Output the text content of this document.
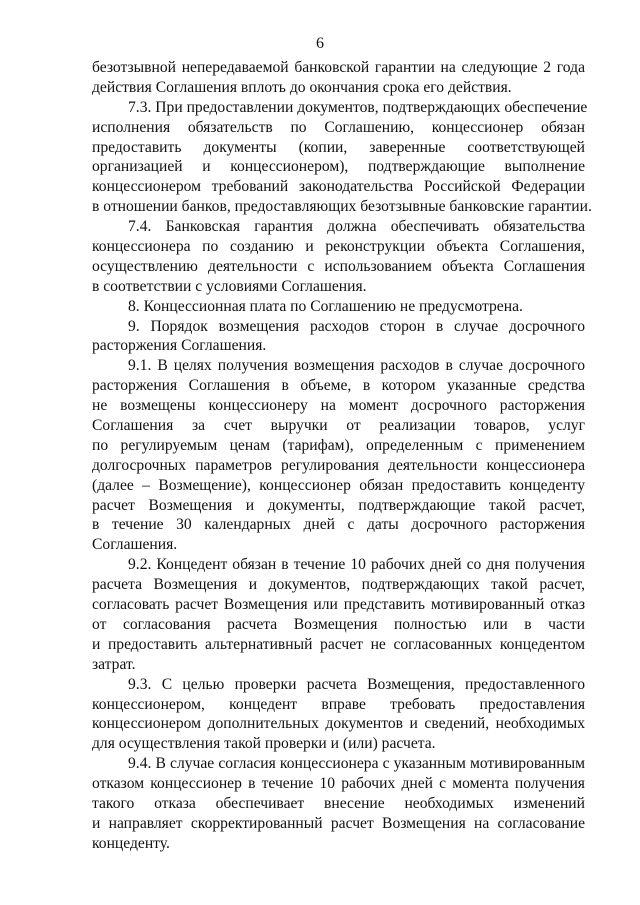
6
безотзывной непередаваемой банковской гарантии на следующие 2 года
действия Соглашения вплоть до окончания срока его действия.
7.3. При предоставлении документов, подтверждающих обеспечение
исполнения обязательств по Соглашению, концессионер обязан
предоставить документы (копии, заверенные соответствующей
организацией и концессионером), подтверждающие выполнение
концессионером требований законодательства Российской Федерации
в отношении банков, предоставляющих безотзывные банковские гарантии.
7.4. Банковская гарантия должна обеспечивать обязательства
концессионера по созданию и реконструкции объекта Соглашения,
осуществлению деятельности с использованием объекта Соглашения
в соответствии с условиями Соглашения.
8. Концессионная плата по Соглашению не предусмотрена.
9. Порядок возмещения расходов сторон в случае досрочного
расторжения Соглашения.
9.1. В целях получения возмещения расходов в случае досрочного
расторжения Соглашения в объеме, в котором указанные средства
не возмещены концессионеру на момент досрочного расторжения
Соглашения за счет выручки от реализации товаров, услуг
по регулируемым ценам (тарифам), определенным с применением
долгосрочных параметров регулирования деятельности концессионера
(далее – Возмещение), концессионер обязан предоставить концеденту
расчет Возмещения и документы, подтверждающие такой расчет,
в течение 30 календарных дней с даты досрочного расторжения
Соглашения.
9.2. Концедент обязан в течение 10 рабочих дней со дня получения
расчета Возмещения и документов, подтверждающих такой расчет,
согласовать расчет Возмещения или представить мотивированный отказ
от согласования расчета Возмещения полностью или в части
и предоставить альтернативный расчет не согласованных концедентом
затрат.
9.3. С целью проверки расчета Возмещения, предоставленного
концессионером, концедент вправе требовать предоставления
концессионером дополнительных документов и сведений, необходимых
для осуществления такой проверки и (или) расчета.
9.4. В случае согласия концессионера с указанным мотивированным
отказом концессионер в течение 10 рабочих дней с момента получения
такого отказа обеспечивает внесение необходимых изменений
и направляет скорректированный расчет Возмещения на согласование
концеденту.
